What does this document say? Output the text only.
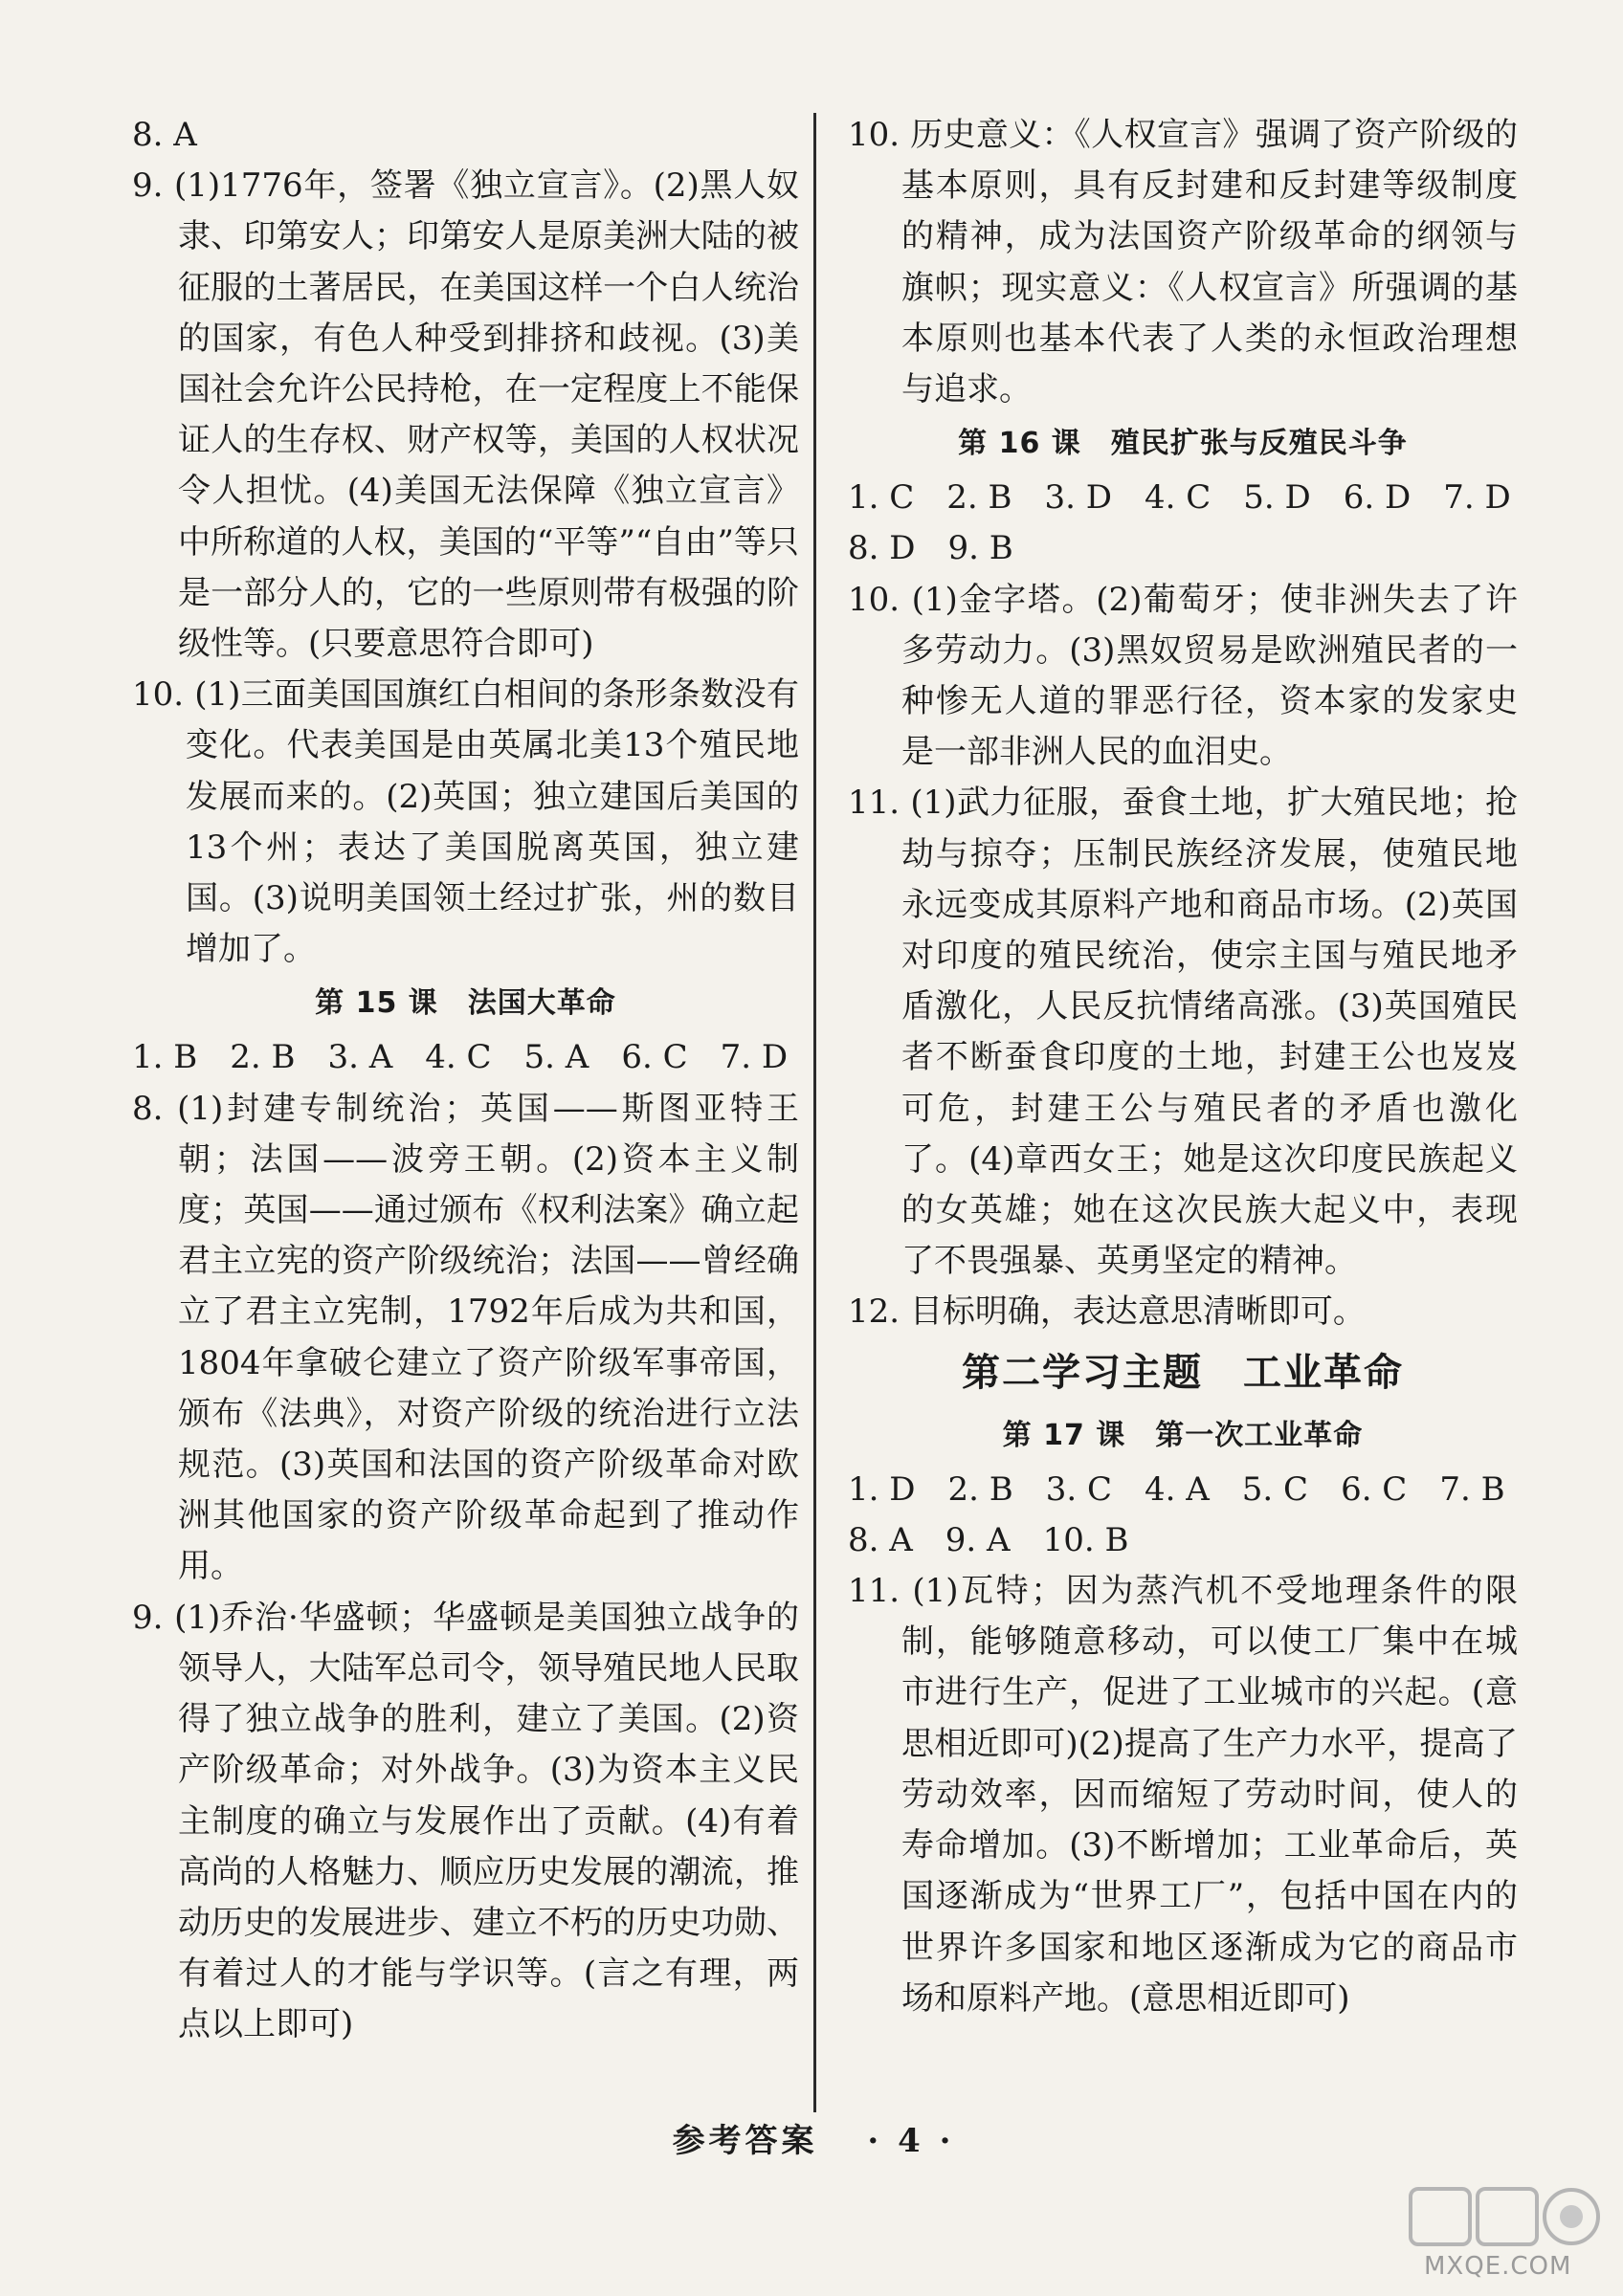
8. A
9. (1)1776年，签署《独立宣言》。(2)黑人奴隶、印第安人；印第安人是原美洲大陆的被征服的土著居民，在美国这样一个白人统治的国家，有色人种受到排挤和歧视。(3)美国社会允许公民持枪，在一定程度上不能保证人的生存权、财产权等，美国的人权状况令人担忧。(4)美国无法保障《独立宣言》中所称道的人权，美国的“平等”“自由”等只是一部分人的，它的一些原则带有极强的阶级性等。(只要意思符合即可)
10. (1)三面美国国旗红白相间的条形条数没有变化。代表美国是由英属北美13个殖民地发展而来的。(2)英国；独立建国后美国的13个州；表达了美国脱离英国，独立建国。(3)说明美国领土经过扩张，州的数目增加了。
第 15 课　法国大革命
1. B　2. B　3. A　4. C　5. A　6. C　7. D
8. (1)封建专制统治；英国——斯图亚特王朝；法国——波旁王朝。(2)资本主义制度；英国——通过颁布《权利法案》确立起君主立宪的资产阶级统治；法国——曾经确立了君主立宪制，1792年后成为共和国，1804年拿破仑建立了资产阶级军事帝国，颁布《法典》，对资产阶级的统治进行立法规范。(3)英国和法国的资产阶级革命对欧洲其他国家的资产阶级革命起到了推动作用。
9. (1)乔治·华盛顿；华盛顿是美国独立战争的领导人，大陆军总司令，领导殖民地人民取得了独立战争的胜利，建立了美国。(2)资产阶级革命；对外战争。(3)为资本主义民主制度的确立与发展作出了贡献。(4)有着高尚的人格魅力、顺应历史发展的潮流，推动历史的发展进步、建立不朽的历史功勋、有着过人的才能与学识等。(言之有理，两点以上即可)
10. 历史意义：《人权宣言》强调了资产阶级的基本原则，具有反封建和反封建等级制度的精神，成为法国资产阶级革命的纲领与旗帜；现实意义：《人权宣言》所强调的基本原则也基本代表了人类的永恒政治理想与追求。
第 16 课　殖民扩张与反殖民斗争
1. C　2. B　3. D　4. C　5. D　6. D　7. D
8. D　9. B
10. (1)金字塔。(2)葡萄牙；使非洲失去了许多劳动力。(3)黑奴贸易是欧洲殖民者的一种惨无人道的罪恶行径，资本家的发家史是一部非洲人民的血泪史。
11. (1)武力征服，蚕食土地，扩大殖民地；抢劫与掠夺；压制民族经济发展，使殖民地永远变成其原料产地和商品市场。(2)英国对印度的殖民统治，使宗主国与殖民地矛盾激化，人民反抗情绪高涨。(3)英国殖民者不断蚕食印度的土地，封建王公也岌岌可危，封建王公与殖民者的矛盾也激化了。(4)章西女王；她是这次印度民族起义的女英雄；她在这次民族大起义中，表现了不畏强暴、英勇坚定的精神。
12. 目标明确，表达意思清晰即可。
第二学习主题　工业革命
第 17 课　第一次工业革命
1. D　2. B　3. C　4. A　5. C　6. C　7. B
8. A　9. A　10. B
11. (1)瓦特；因为蒸汽机不受地理条件的限制，能够随意移动，可以使工厂集中在城市进行生产，促进了工业城市的兴起。(意思相近即可)(2)提高了生产力水平，提高了劳动效率，因而缩短了劳动时间，使人的寿命增加。(3)不断增加；工业革命后，英国逐渐成为“世界工厂”，包括中国在内的世界许多国家和地区逐渐成为它的商品市场和原料产地。(意思相近即可)
参考答案 · 4 ·
MXQE.COM
